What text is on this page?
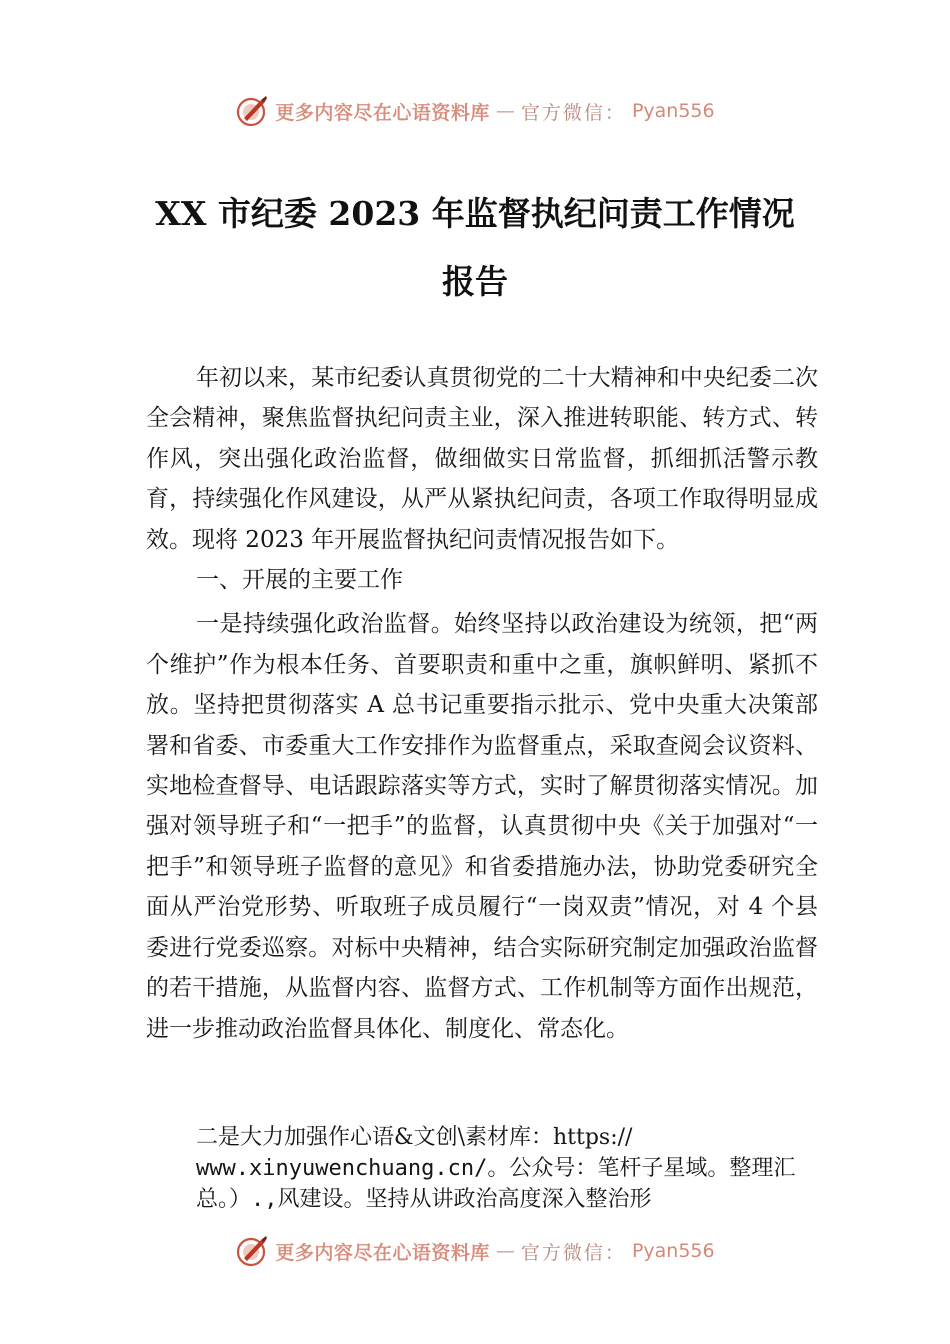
更多内容尽在心语资料库 — 官方微信： Pyan556
XX 市纪委 2023 年监督执纪问责工作情况
报告

年初以来，某市纪委认真贯彻党的二十大精神和中央纪委二次全会精神，聚焦监督执纪问责主业，深入推进转职能、转方式、转作风，突出强化政治监督，做细做实日常监督，抓细抓活警示教育，持续强化作风建设，从严从紧执纪问责，各项工作取得明显成效。现将 2023 年开展监督执纪问责情况报告如下。

一、开展的主要工作

一是持续强化政治监督。始终坚持以政治建设为统领，把“两个维护”作为根本任务、首要职责和重中之重，旗帜鲜明、紧抓不放。坚持把贯彻落实 A 总书记重要指示批示、党中央重大决策部署和省委、市委重大工作安排作为监督重点，采取查阅会议资料、实地检查督导、电话跟踪落实等方式，实时了解贯彻落实情况。加强对领导班子和“一把手”的监督，认真贯彻中央《关于加强对“一把手”和领导班子监督的意见》和省委措施办法，协助党委研究全面从严治党形势、听取班子成员履行“一岗双责”情况，对 4 个县委进行党委巡察。对标中央精神，结合实际研究制定加强政治监督的若干措施，从监督内容、监督方式、工作机制等方面作出规范，进一步推动政治监督具体化、制度化、常态化。

二是大力加强作心语&文创\素材库：https://
www.xinyuwenchuang.cn/。公众号：笔杆子星域。整理汇
总。）.,风建设。坚持从讲政治高度深入整治形
更多内容尽在心语资料库 — 官方微信： Pyan556
